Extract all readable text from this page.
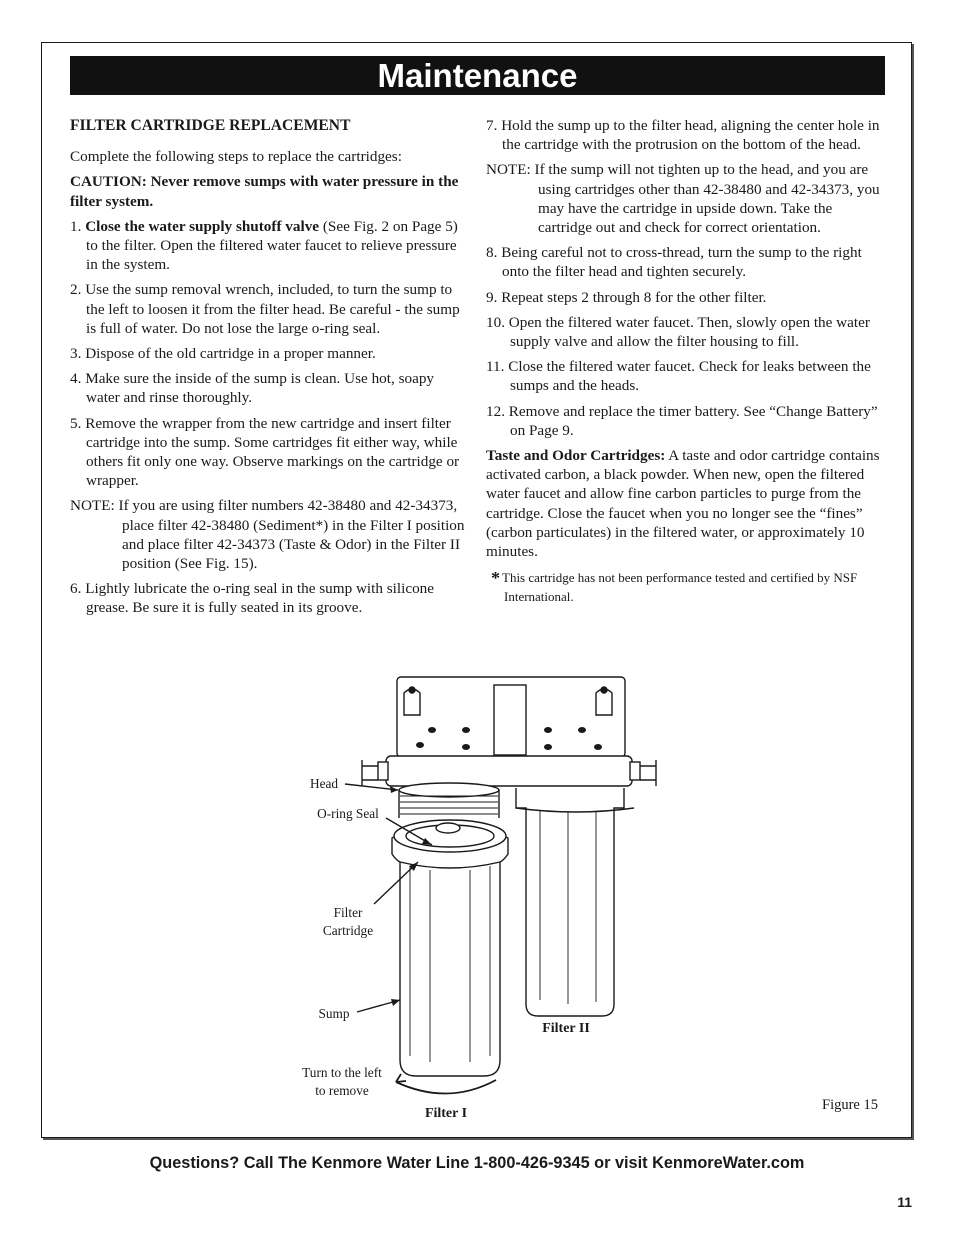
Maintenance

FILTER CARTRIDGE REPLACEMENT

Complete the following steps to replace the cartridges:

CAUTION: Never remove sumps with water pressure in the filter system.

1. Close the water supply shutoff valve (See Fig. 2 on Page 5) to the filter. Open the filtered water faucet to relieve pressure in the system.

2. Use the sump removal wrench, included, to turn the sump to the left to loosen it from the filter head. Be careful - the sump is full of water. Do not lose the large o-ring seal.

3. Dispose of the old cartridge in a proper manner.

4. Make sure the inside of the sump is clean. Use hot, soapy water and rinse thoroughly.

5. Remove the wrapper from the new cartridge and insert filter cartridge into the sump. Some cartridges fit either way, while others fit only one way. Observe markings on the cartridge or wrapper.

NOTE: If you are using filter numbers 42-38480 and 42-34373, place filter 42-38480 (Sediment*) in the Filter I position and place filter 42-34373 (Taste & Odor) in the Filter II position (See Fig. 15).

6. Lightly lubricate the o-ring seal in the sump with silicone grease. Be sure it is fully seated in its groove.

7. Hold the sump up to the filter head, aligning the center hole in the cartridge with the protrusion on the bottom of the head.

NOTE: If the sump will not tighten up to the head, and you are using cartridges other than 42-38480 and 42-34373, you may have the cartridge in upside down. Take the cartridge out and check for correct orientation.

8. Being careful not to cross-thread, turn the sump to the right onto the filter head and tighten securely.

9. Repeat steps 2 through 8 for the other filter.

10. Open the filtered water faucet. Then, slowly open the water supply valve and allow the filter housing to fill.

11. Close the filtered water faucet. Check for leaks between the sumps and the heads.

12. Remove and replace the timer battery. See “Change Battery” on Page 9.

Taste and Odor Cartridges: A taste and odor cartridge contains activated carbon, a black powder. When new, open the filtered water faucet and allow fine carbon particles to purge from the cartridge. Close the faucet when you no longer see the “fines” (carbon particulates) in the filtered water, or approximately 10 minutes.

* This cartridge has not been performance tested and certified by NSF International.

Head
O-ring Seal
Filter
Cartridge
Sump
Turn to the left
to remove
Filter I
Filter II
Figure 15
Questions? Call The Kenmore Water Line 1-800-426-9345 or visit KenmoreWater.com
11
